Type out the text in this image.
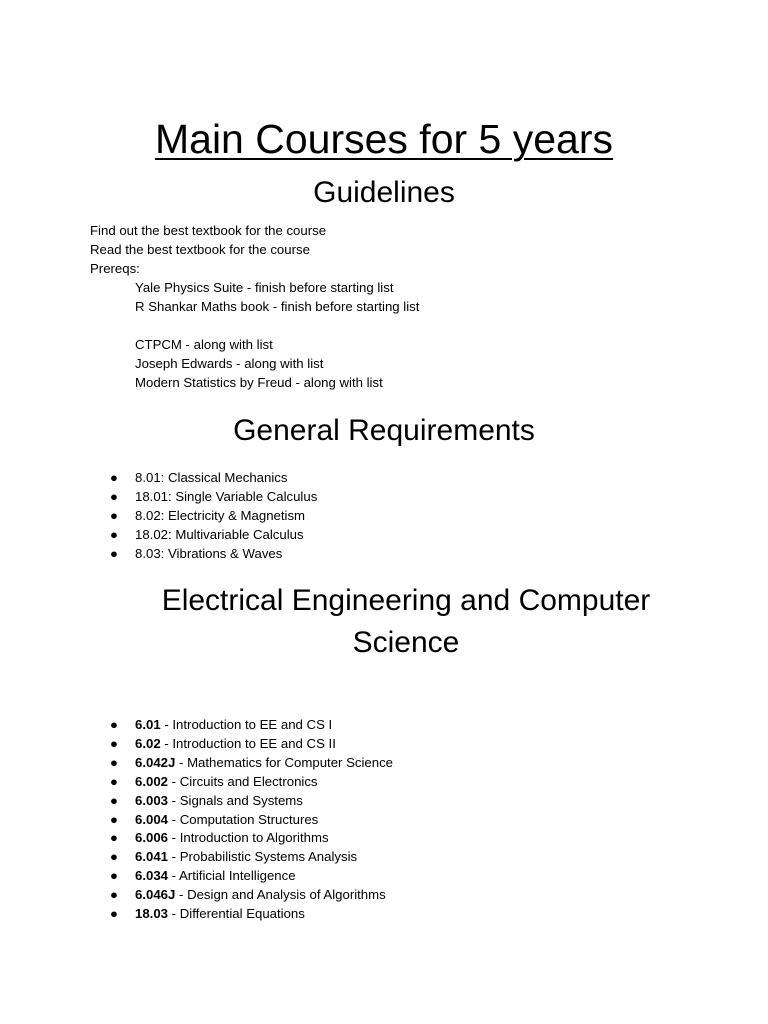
Main Courses for 5 years
Guidelines
Find out the best textbook for the course
Read the best textbook for the course
Prereqs:
Yale Physics Suite - finish before starting list
R Shankar Maths book - finish before starting list
CTPCM - along with list
Joseph Edwards - along with list
Modern Statistics by Freud - along with list
General Requirements
● 8.01: Classical Mechanics
● 18.01: Single Variable Calculus
● 8.02: Electricity & Magnetism
● 18.02: Multivariable Calculus
● 8.03: Vibrations & Waves
Electrical Engineering and Computer Science
● 6.01 - Introduction to EE and CS I
● 6.02 - Introduction to EE and CS II
● 6.042J - Mathematics for Computer Science
● 6.002 - Circuits and Electronics
● 6.003 - Signals and Systems
● 6.004 - Computation Structures
● 6.006 - Introduction to Algorithms
● 6.041 - Probabilistic Systems Analysis
● 6.034 - Artificial Intelligence
● 6.046J - Design and Analysis of Algorithms
● 18.03 - Differential Equations
